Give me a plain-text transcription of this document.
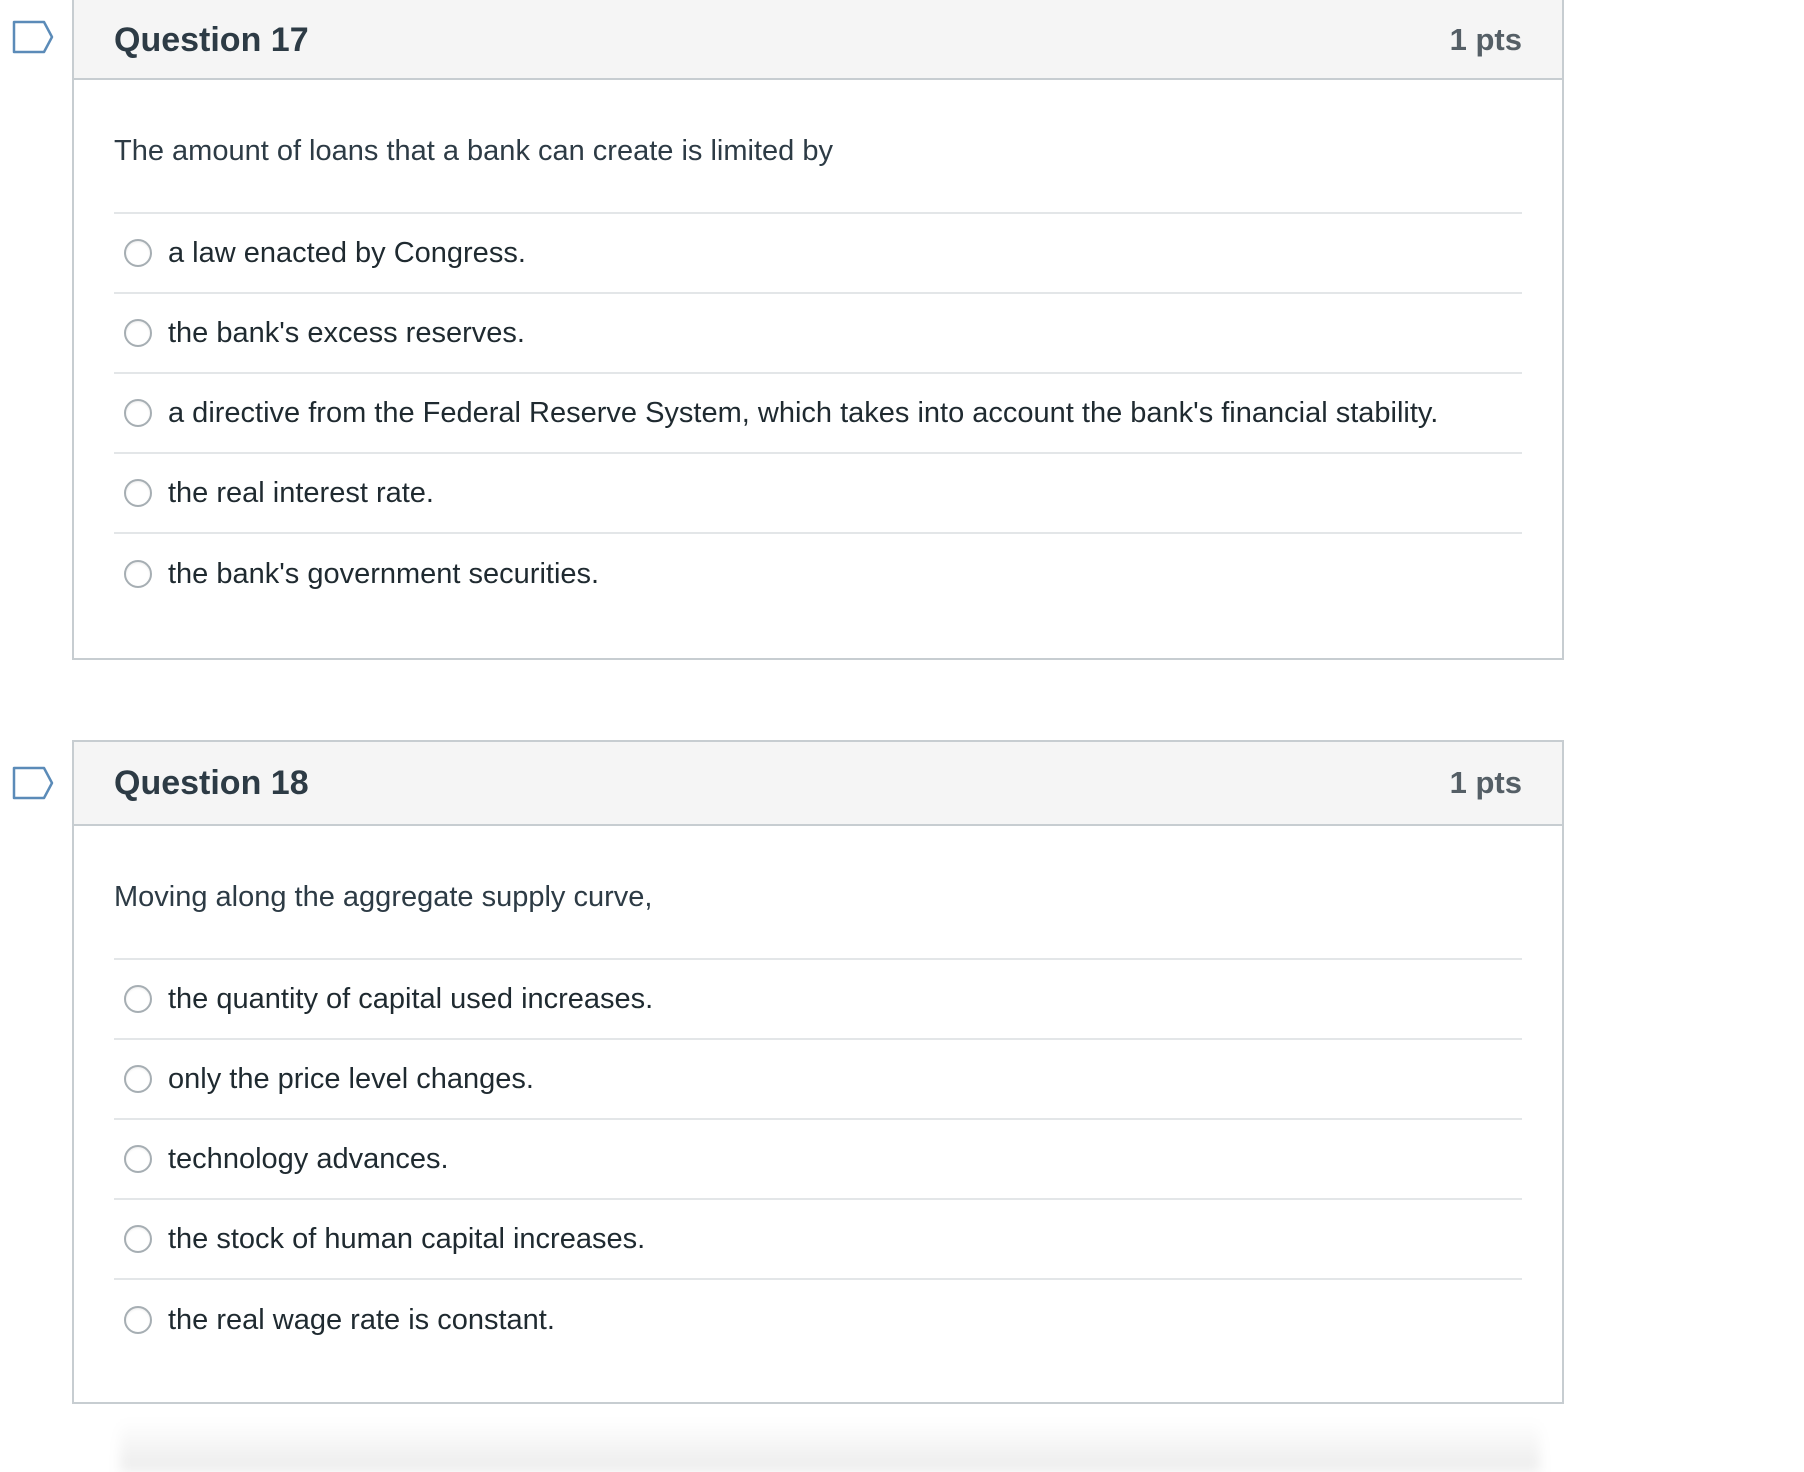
Question 17	1 pts
The amount of loans that a bank can create is limited by
a law enacted by Congress.
the bank's excess reserves.
a directive from the Federal Reserve System, which takes into account the bank's financial stability.
the real interest rate.
the bank's government securities.
Question 18	1 pts
Moving along the aggregate supply curve,
the quantity of capital used increases.
only the price level changes.
technology advances.
the stock of human capital increases.
the real wage rate is constant.
